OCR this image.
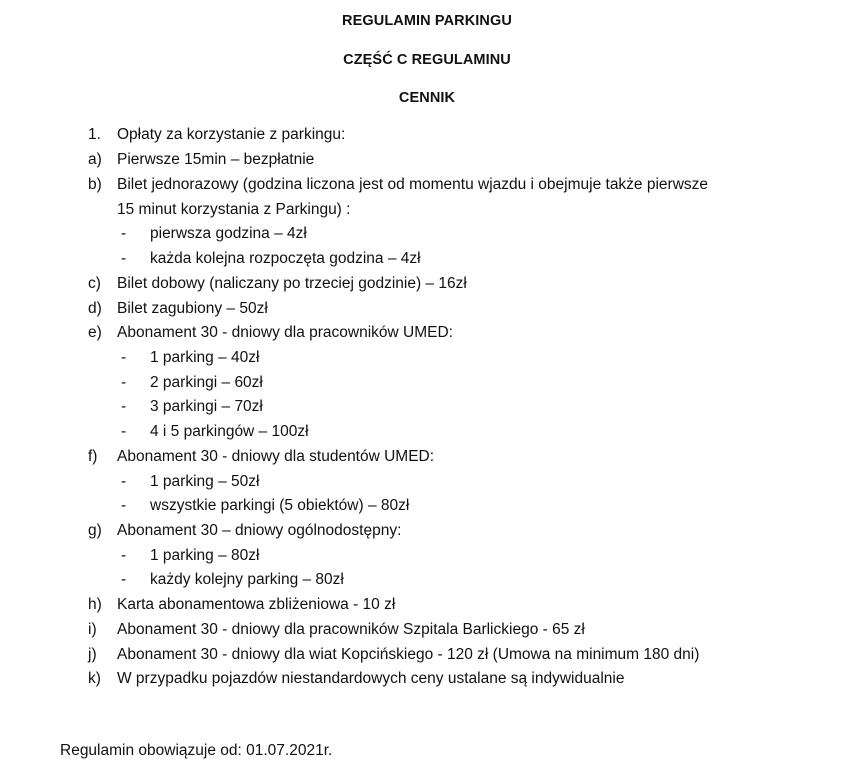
REGULAMIN PARKINGU
CZĘŚĆ C REGULAMINU
CENNIK
1. Opłaty za korzystanie z parkingu:
a) Pierwsze 15min – bezpłatnie
b) Bilet jednorazowy (godzina liczona jest od momentu wjazdu i obejmuje także pierwsze
15 minut korzystania z Parkingu) :
- pierwsza godzina – 4zł
- każda kolejna rozpoczęta godzina – 4zł
c) Bilet dobowy (naliczany po trzeciej godzinie) – 16zł
d) Bilet zagubiony – 50zł
e) Abonament 30 - dniowy dla pracowników UMED:
- 1 parking – 40zł
- 2 parkingi – 60zł
- 3 parkingi – 70zł
- 4 i 5 parkingów – 100zł
f) Abonament 30 - dniowy dla studentów UMED:
- 1 parking – 50zł
- wszystkie parkingi (5 obiektów) – 80zł
g) Abonament 30 – dniowy ogólnodostępny:
- 1 parking – 80zł
- każdy kolejny parking – 80zł
h) Karta abonamentowa zbliżeniowa - 10 zł
i) Abonament 30 - dniowy dla pracowników Szpitala Barlickiego - 65 zł
j) Abonament 30 - dniowy dla wiat Kopcińskiego - 120 zł (Umowa na minimum 180 dni)
k) W przypadku pojazdów niestandardowych ceny ustalane są indywidualnie
Regulamin obowiązuje od: 01.07.2021r.
